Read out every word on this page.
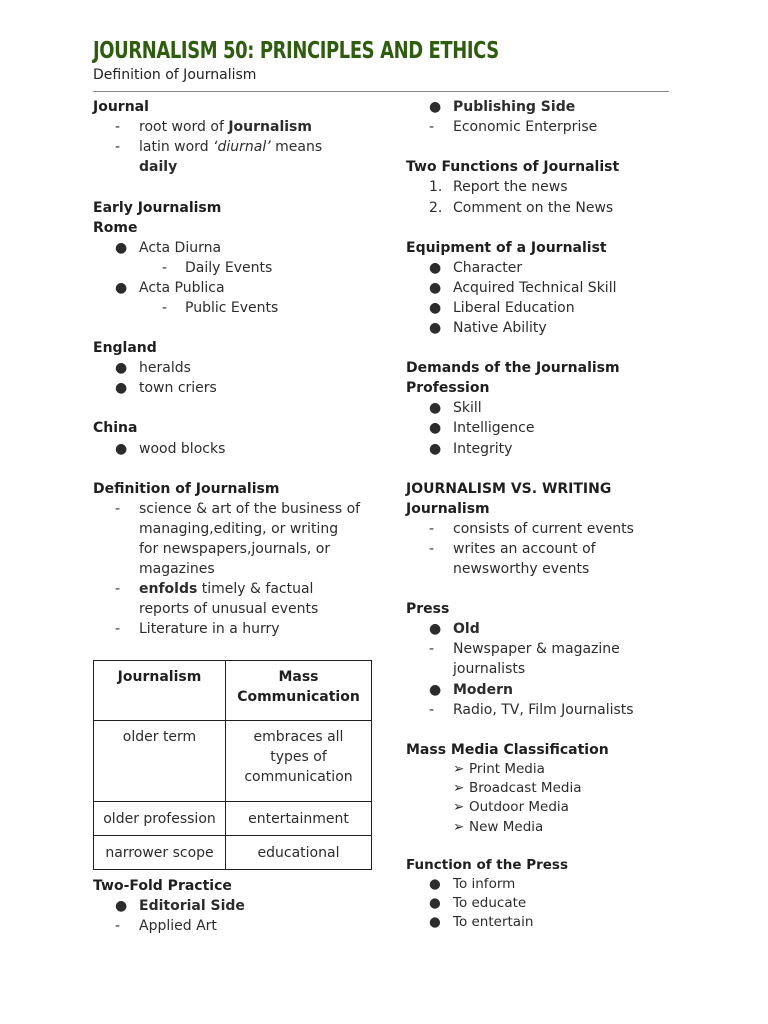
JOURNALISM 50: PRINCIPLES AND ETHICS
Definition of Journalism
Journal
- root word of Journalism
- latin word ‘diurnal’ means
daily
Early Journalism
Rome
● Acta Diurna
- Daily Events
● Acta Publica
- Public Events
England
● heralds
● town criers
China
● wood blocks
Definition of Journalism
- science & art of the business of
managing,editing, or writing
for newspapers,journals, or
magazines
- enfolds timely & factual
reports of unusual events
- Literature in a hurry
Journalism	Mass
Communication
older term	embraces all
types of
communication
older profession	entertainment
narrower scope	educational
Two-Fold Practice
● Editorial Side
- Applied Art
● Publishing Side
- Economic Enterprise
Two Functions of Journalist
1. Report the news
2. Comment on the News
Equipment of a Journalist
● Character
● Acquired Technical Skill
● Liberal Education
● Native Ability
Demands of the Journalism
Profession
● Skill
● Intelligence
● Integrity
JOURNALISM VS. WRITING
Journalism
- consists of current events
- writes an account of
newsworthy events
Press
● Old
- Newspaper & magazine
journalists
● Modern
- Radio, TV, Film Journalists
Mass Media Classification
➢ Print Media
➢ Broadcast Media
➢ Outdoor Media
➢ New Media
Function of the Press
● To inform
● To educate
● To entertain
